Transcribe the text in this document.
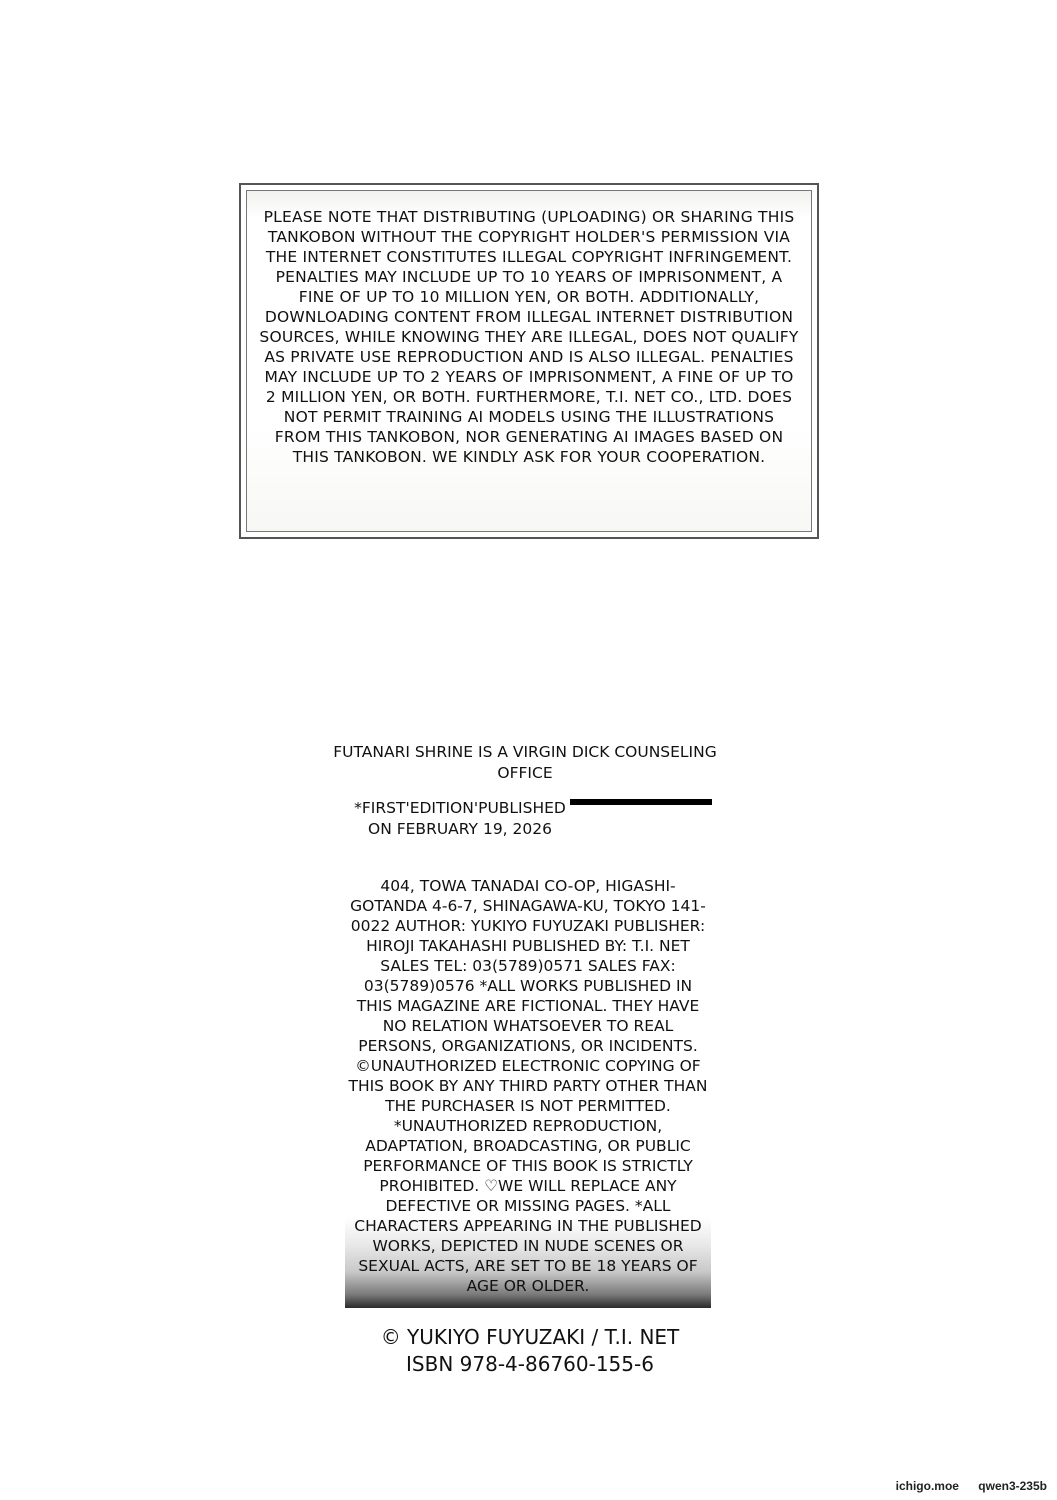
PLEASE NOTE THAT DISTRIBUTING (UPLOADING) OR SHARING THIS TANKOBON WITHOUT THE COPYRIGHT HOLDER'S PERMISSION VIA THE INTERNET CONSTITUTES ILLEGAL COPYRIGHT INFRINGEMENT. PENALTIES MAY INCLUDE UP TO 10 YEARS OF IMPRISONMENT, A FINE OF UP TO 10 MILLION YEN, OR BOTH. ADDITIONALLY, DOWNLOADING CONTENT FROM ILLEGAL INTERNET DISTRIBUTION SOURCES, WHILE KNOWING THEY ARE ILLEGAL, DOES NOT QUALIFY AS PRIVATE USE REPRODUCTION AND IS ALSO ILLEGAL. PENALTIES MAY INCLUDE UP TO 2 YEARS OF IMPRISONMENT, A FINE OF UP TO 2 MILLION YEN, OR BOTH. FURTHERMORE, T.I. NET CO., LTD. DOES NOT PERMIT TRAINING AI MODELS USING THE ILLUSTRATIONS FROM THIS TANKOBON, NOR GENERATING AI IMAGES BASED ON THIS TANKOBON. WE KINDLY ASK FOR YOUR COOPERATION.

FUTANARI SHRINE IS A VIRGIN DICK COUNSELING OFFICE

*FIRST'EDITION'PUBLISHED ON FEBRUARY 19, 2026

404, TOWA TANADAI CO-OP, HIGASHI-GOTANDA 4-6-7, SHINAGAWA-KU, TOKYO 141-0022 AUTHOR: YUKIYO FUYUZAKI PUBLISHER: HIROJI TAKAHASHI PUBLISHED BY: T.I. NET SALES TEL: 03(5789)0571 SALES FAX: 03(5789)0576 *ALL WORKS PUBLISHED IN THIS MAGAZINE ARE FICTIONAL. THEY HAVE NO RELATION WHATSOEVER TO REAL PERSONS, ORGANIZATIONS, OR INCIDENTS. ©UNAUTHORIZED ELECTRONIC COPYING OF THIS BOOK BY ANY THIRD PARTY OTHER THAN THE PURCHASER IS NOT PERMITTED. *UNAUTHORIZED REPRODUCTION, ADAPTATION, BROADCASTING, OR PUBLIC PERFORMANCE OF THIS BOOK IS STRICTLY PROHIBITED. ♡WE WILL REPLACE ANY DEFECTIVE OR MISSING PAGES. *ALL CHARACTERS APPEARING IN THE PUBLISHED WORKS, DEPICTED IN NUDE SCENES OR SEXUAL ACTS, ARE SET TO BE 18 YEARS OF AGE OR OLDER.

© YUKIYO FUYUZAKI / T.I. NET ISBN 978-4-86760-155-6

ichigo.moe qwen3-235b
